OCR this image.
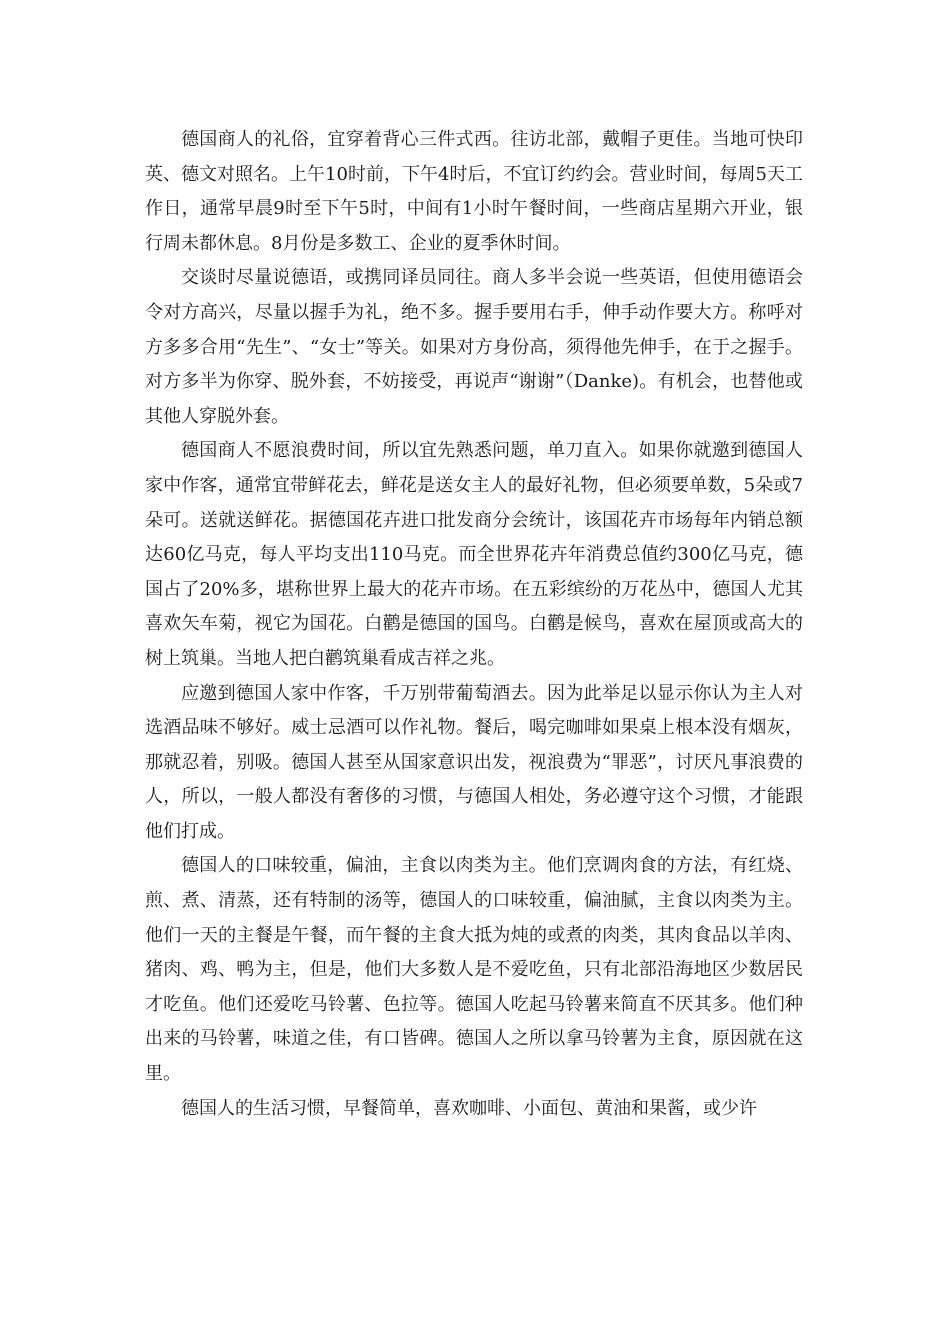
德国商人的礼俗，宜穿着背心三件式西。往访北部，戴帽子更佳。当地可快印英、德文对照名。上午10时前，下午4时后，不宜订约约会。营业时间，每周5天工作日，通常早晨9时至下午5时，中间有1小时午餐时间，一些商店星期六开业，银行周未都休息。8月份是多数工、企业的夏季休时间。

交谈时尽量说德语，或携同译员同往。商人多半会说一些英语，但使用德语会令对方高兴，尽量以握手为礼，绝不多。握手要用右手，伸手动作要大方。称呼对方多多合用“先生”、“女士”等关。如果对方身份高，须得他先伸手，在于之握手。对方多半为你穿、脱外套，不妨接受，再说声“谢谢”（Danke)。有机会，也替他或其他人穿脱外套。

德国商人不愿浪费时间，所以宜先熟悉问题，单刀直入。如果你就邀到德国人家中作客，通常宜带鲜花去，鲜花是送女主人的最好礼物，但必须要单数，5朵或7朵可。送就送鲜花。据德国花卉进口批发商分会统计，该国花卉市场每年内销总额达60亿马克，每人平均支出110马克。而全世界花卉年消费总值约300亿马克，德国占了20%多，堪称世界上最大的花卉市场。在五彩缤纷的万花丛中，德国人尤其喜欢矢车菊，视它为国花。白鹳是德国的国鸟。白鹳是候鸟，喜欢在屋顶或高大的树上筑巢。当地人把白鹳筑巢看成吉祥之兆。

应邀到德国人家中作客，千万别带葡萄酒去。因为此举足以显示你认为主人对选酒品味不够好。威士忌酒可以作礼物。餐后，喝完咖啡如果桌上根本没有烟灰，那就忍着，别吸。德国人甚至从国家意识出发，视浪费为“罪恶”，讨厌凡事浪费的人，所以，一般人都没有奢侈的习惯，与德国人相处，务必遵守这个习惯，才能跟他们打成。

德国人的口味较重，偏油，主食以肉类为主。他们烹调肉食的方法，有红烧、煎、煮、清蒸，还有特制的汤等，德国人的口味较重，偏油腻，主食以肉类为主。他们一天的主餐是午餐，而午餐的主食大抵为炖的或煮的肉类，其肉食品以羊肉、猪肉、鸡、鸭为主，但是，他们大多数人是不爱吃鱼，只有北部沿海地区少数居民才吃鱼。他们还爱吃马铃薯、色拉等。德国人吃起马铃薯来简直不厌其多。他们种出来的马铃薯，味道之佳，有口皆碑。德国人之所以拿马铃薯为主食，原因就在这里。

德国人的生活习惯，早餐简单，喜欢咖啡、小面包、黄油和果酱，或少许
